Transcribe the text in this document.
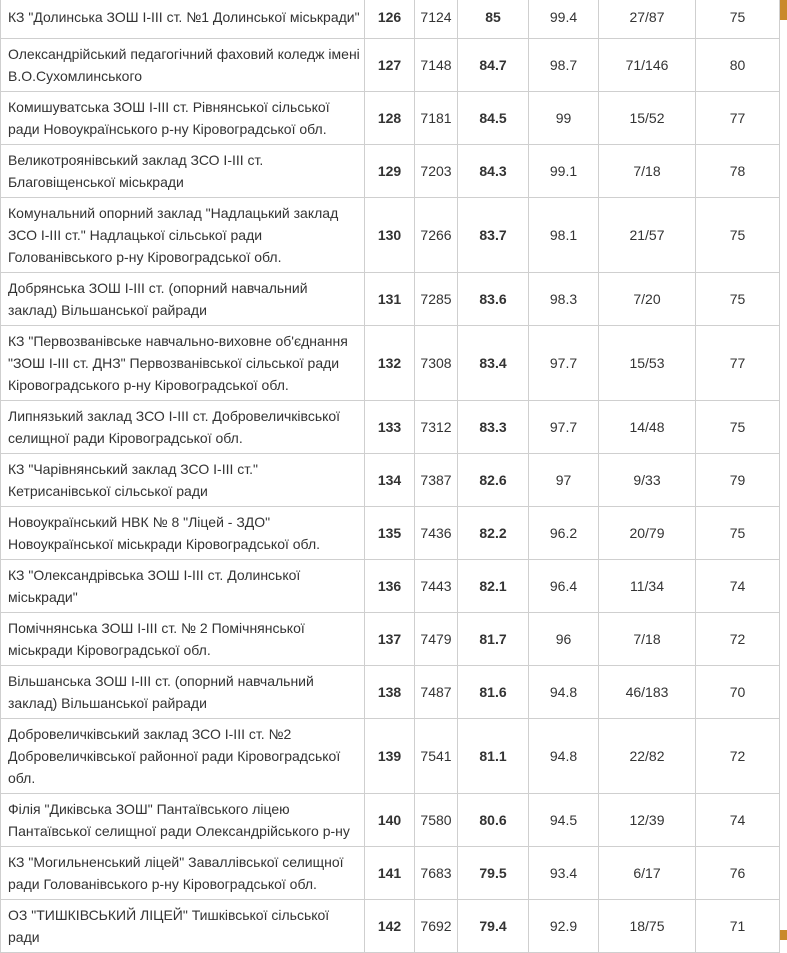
КЗ "Долинська ЗОШ І-ІІІ ст. №1 Долинської міськради"	126	7124	85	99.4	27/87	75
Олександрійський педагогічний фаховий коледж імені В.О.Сухомлинського	127	7148	84.7	98.7	71/146	80
Комишуватська ЗОШ І-ІІІ ст. Рівнянської сільської ради Новоукраїнського р-ну Кіровоградської обл.	128	7181	84.5	99	15/52	77
Великотроянівський заклад ЗСО І-ІІІ ст. Благовіщенської міськради	129	7203	84.3	99.1	7/18	78
Комунальний опорний заклад "Надлацький заклад ЗСО І-ІІІ ст." Надлацької сільської ради Голованівського р-ну Кіровоградської обл.	130	7266	83.7	98.1	21/57	75
Добрянська ЗОШ І-ІІІ ст. (опорний навчальний заклад) Вільшанської райради	131	7285	83.6	98.3	7/20	75
КЗ "Первозванівське навчально-виховне об'єднання "ЗОШ І-ІІІ ст. ДНЗ" Первозванівської сільської ради Кіровоградського р-ну Кіровоградської обл.	132	7308	83.4	97.7	15/53	77
Липнязький заклад ЗСО І-ІІІ ст. Добровеличківської селищної ради Кіровоградської обл.	133	7312	83.3	97.7	14/48	75
КЗ "Чарівнянський заклад ЗСО І-ІІІ ст." Кетрисанівської сільської ради	134	7387	82.6	97	9/33	79
Новоукраїнський НВК № 8 "Ліцей - ЗДО" Новоукраїнської міськради Кіровоградської обл.	135	7436	82.2	96.2	20/79	75
КЗ "Олександрівська ЗОШ І-ІІІ ст. Долинської міськради"	136	7443	82.1	96.4	11/34	74
Помічнянська ЗОШ І-ІІІ ст. № 2 Помічнянської міськради Кіровоградської обл.	137	7479	81.7	96	7/18	72
Вільшанська ЗОШ І-ІІІ ст. (опорний навчальний заклад) Вільшанської райради	138	7487	81.6	94.8	46/183	70
Добровеличківський заклад ЗСО І-ІІІ ст. №2 Добровеличківської районної ради Кіровоградської обл.	139	7541	81.1	94.8	22/82	72
Філія "Диківська ЗОШ" Пантаївського ліцею Пантаївської селищної ради Олександрійського р-ну	140	7580	80.6	94.5	12/39	74
КЗ "Могильненський ліцей" Заваллівської селищної ради Голованівського р-ну Кіровоградської обл.	141	7683	79.5	93.4	6/17	76
ОЗ "ТИШКІВСЬКИЙ ЛІЦЕЙ" Тишківської сільської ради	142	7692	79.4	92.9	18/75	71
